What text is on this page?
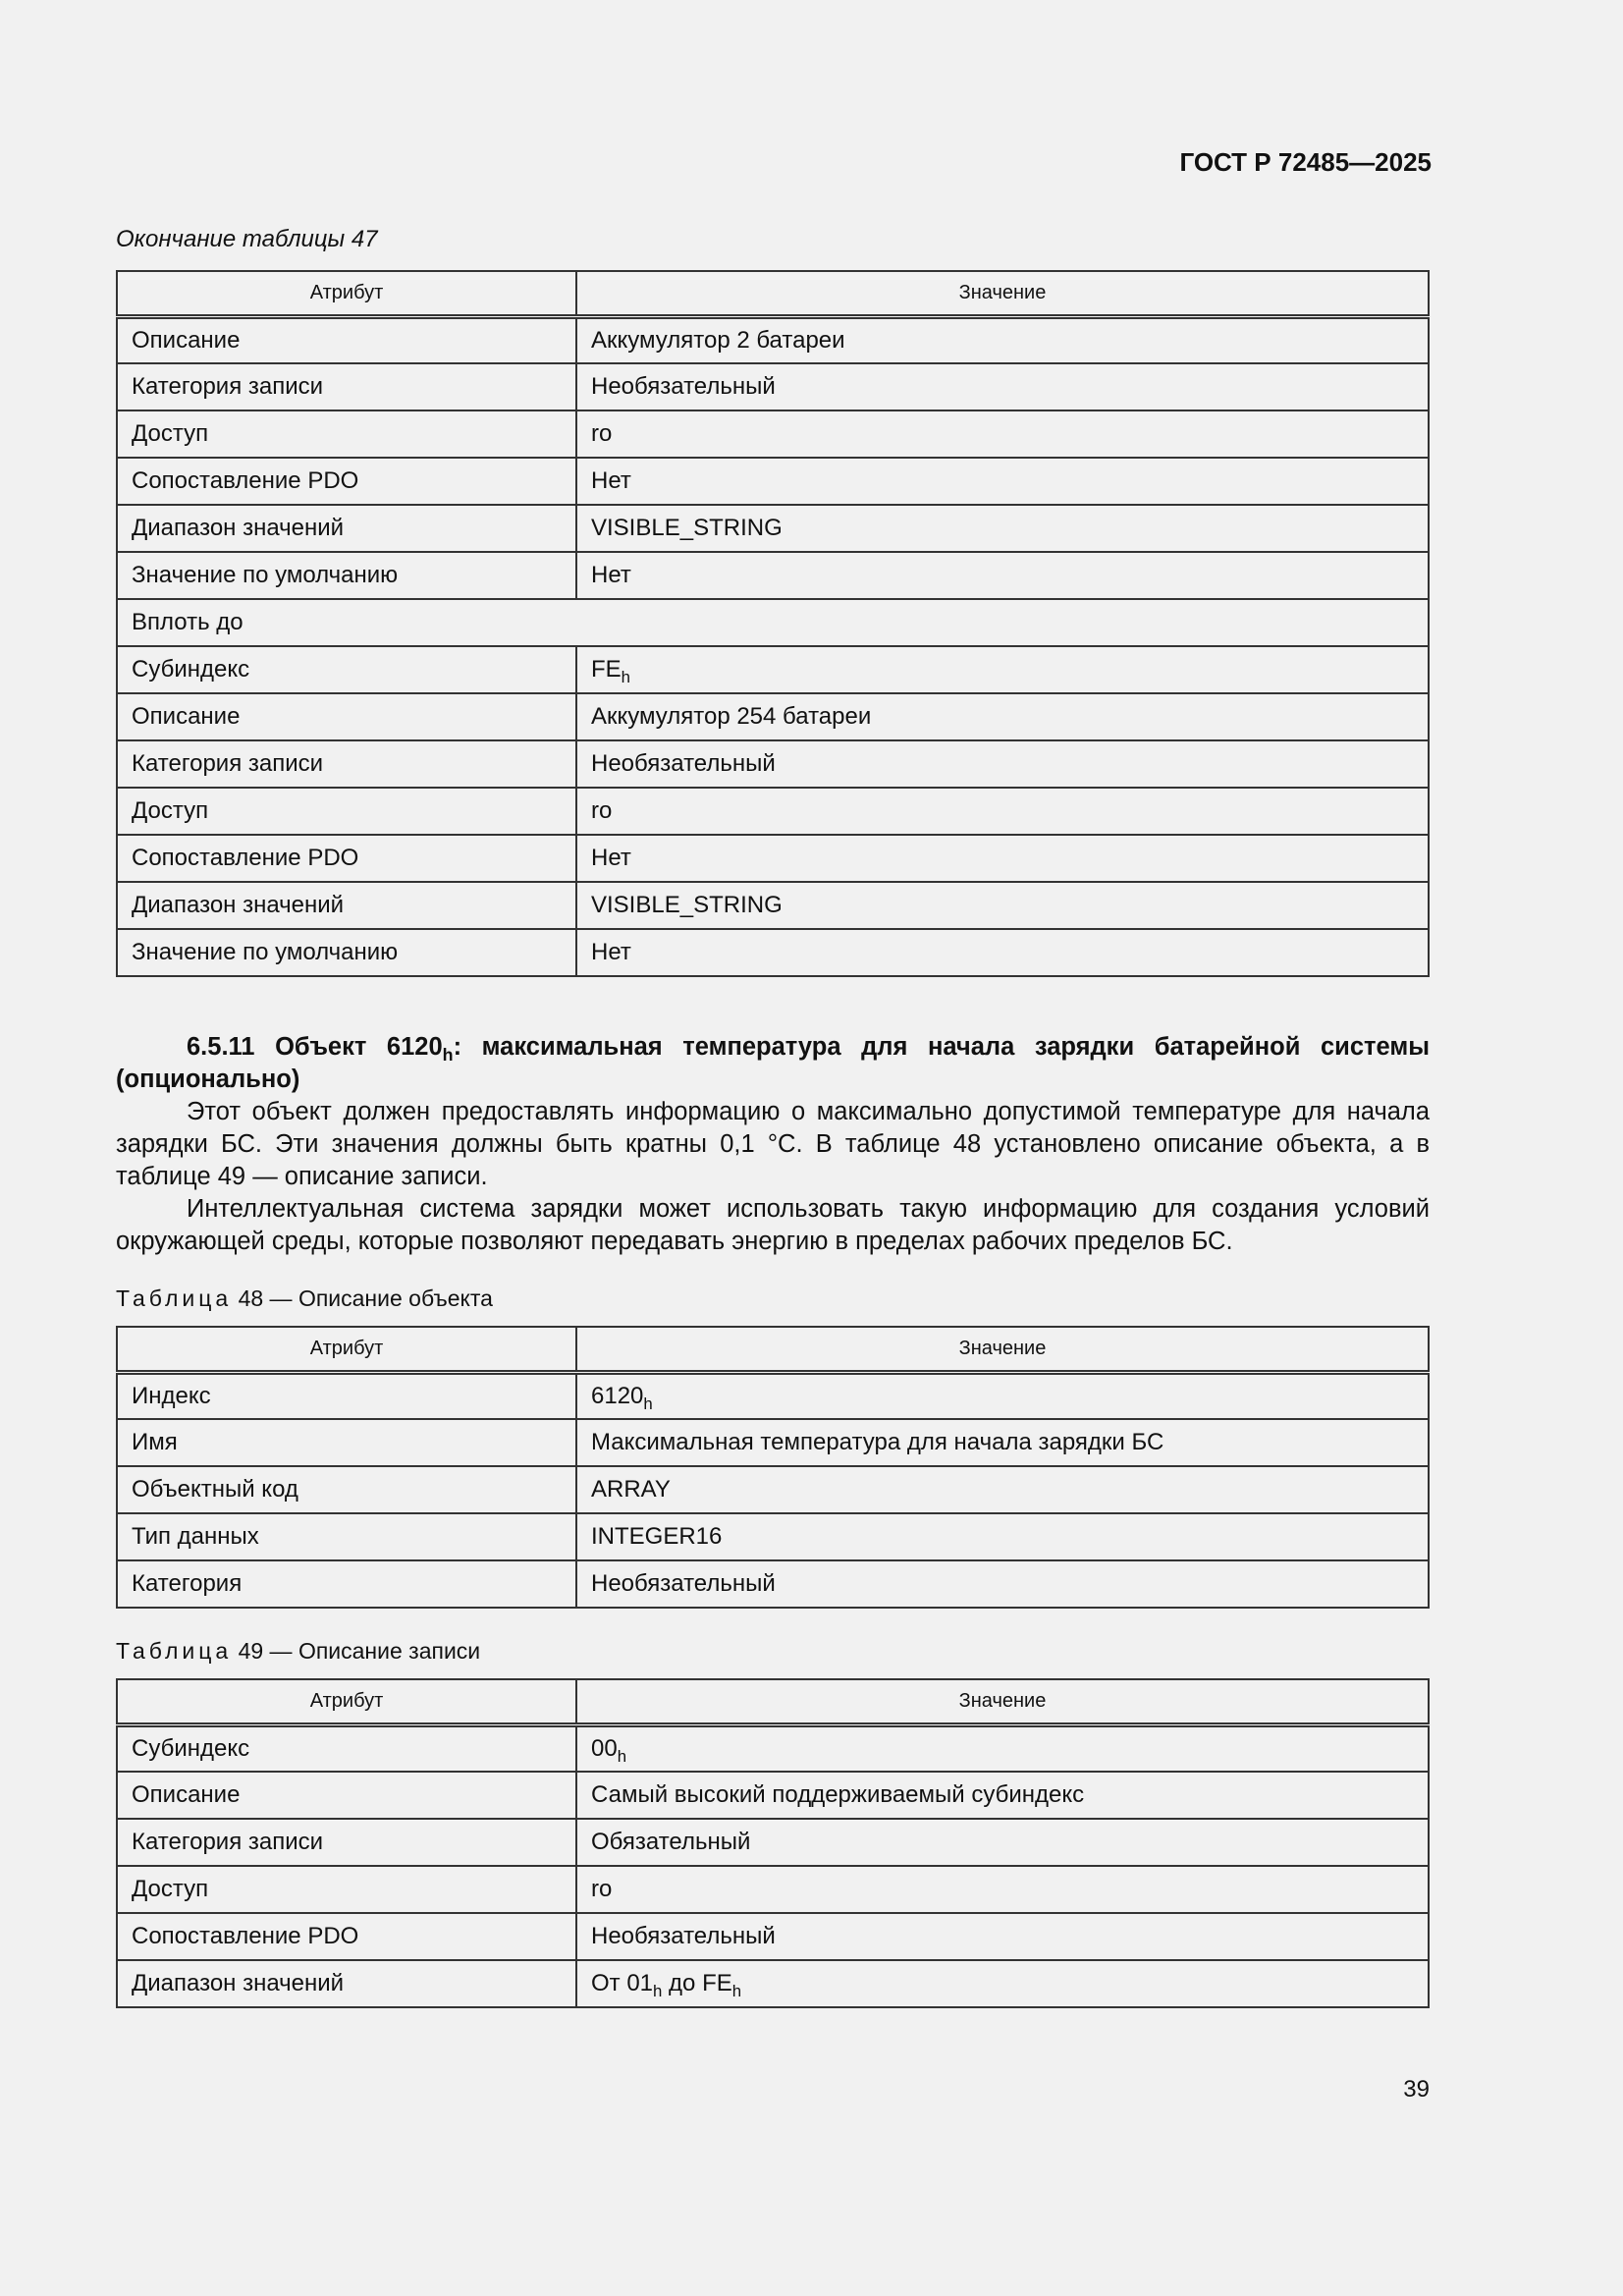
ГОСТ Р 72485—2025
Окончание таблицы 47
Атрибут	Значение
Описание	Аккумулятор 2 батареи
Категория записи	Необязательный
Доступ	ro
Сопоставление PDO	Нет
Диапазон значений	VISIBLE_STRING
Значение по умолчанию	Нет
Вплоть до	
Субиндекс	$FE_h$
Описание	Аккумулятор 254 батареи
Категория записи	Необязательный
Доступ	ro
Сопоставление PDO	Нет
Диапазон значений	VISIBLE_STRING
Значение по умолчанию	Нет

6.5.11 Объект $6120_h$: максимальная температура для начала зарядки батарейной системы (опционально)

Этот объект должен предоставлять информацию о максимально допустимой температуре для начала зарядки БС. Эти значения должны быть кратны 0,1 °С. В таблице 48 установлено описание объекта, а в таблице 49 — описание записи.

Интеллектуальная система зарядки может использовать такую информацию для создания условий окружающей среды, которые позволяют передавать энергию в пределах рабочих пределов БС.

Таблица 48 — Описание объекта
Атрибут	Значение
Индекс	$6120_h$
Имя	Максимальная температура для начала зарядки БС
Объектный код	ARRAY
Тип данных	INTEGER16
Категория	Необязательный
Таблица 49 — Описание записи
Атрибут	Значение
Субиндекс	$00_h$
Описание	Самый высокий поддерживаемый субиндекс
Категория записи	Обязательный
Доступ	ro
Сопоставление PDO	Необязательный
Диапазон значений	От $01_h$ до $FE_h$
39
